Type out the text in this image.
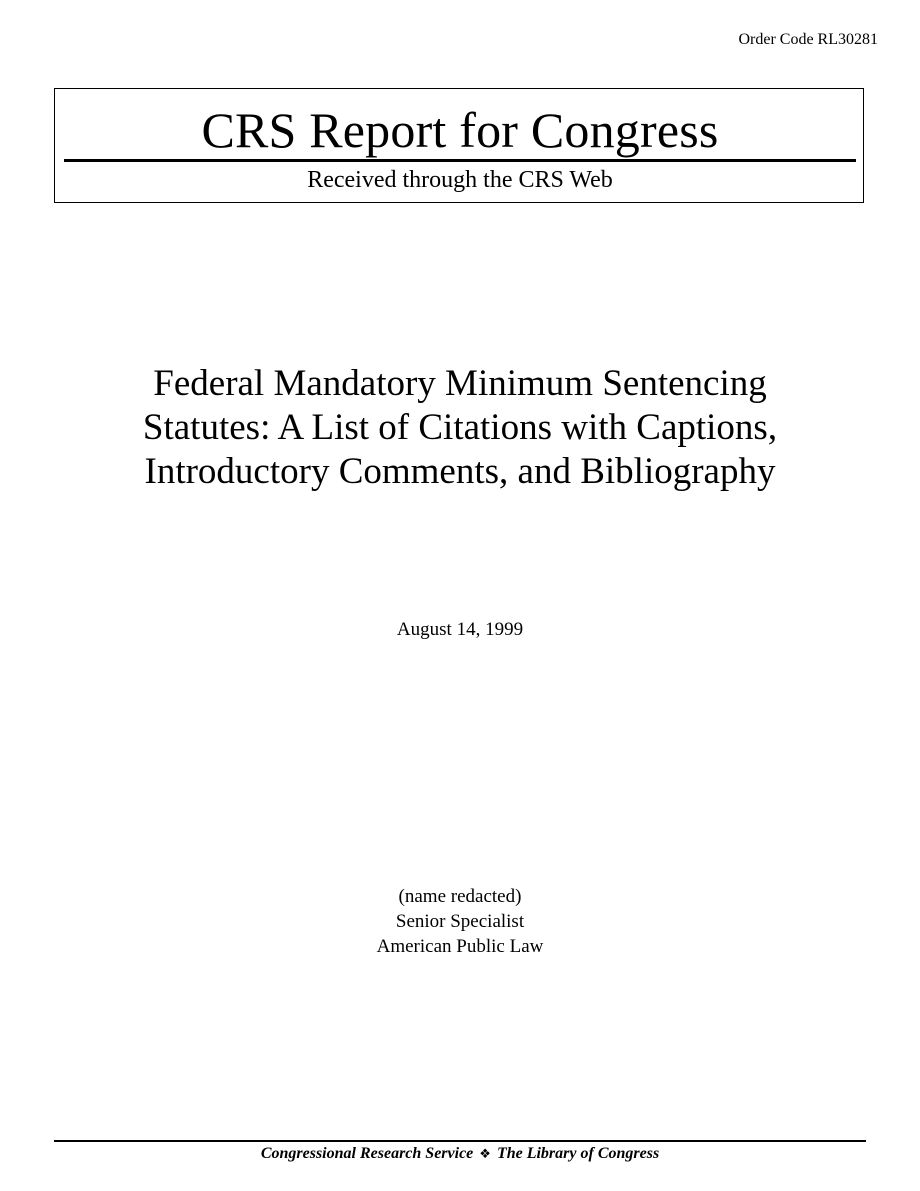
Order Code RL30281
CRS Report for Congress
Received through the CRS Web
Federal Mandatory Minimum Sentencing
Statutes: A List of Citations with Captions,
Introductory Comments, and Bibliography
August 14, 1999
(name redacted)
Senior Specialist
American Public Law
Congressional Research Service ❖ The Library of Congress
